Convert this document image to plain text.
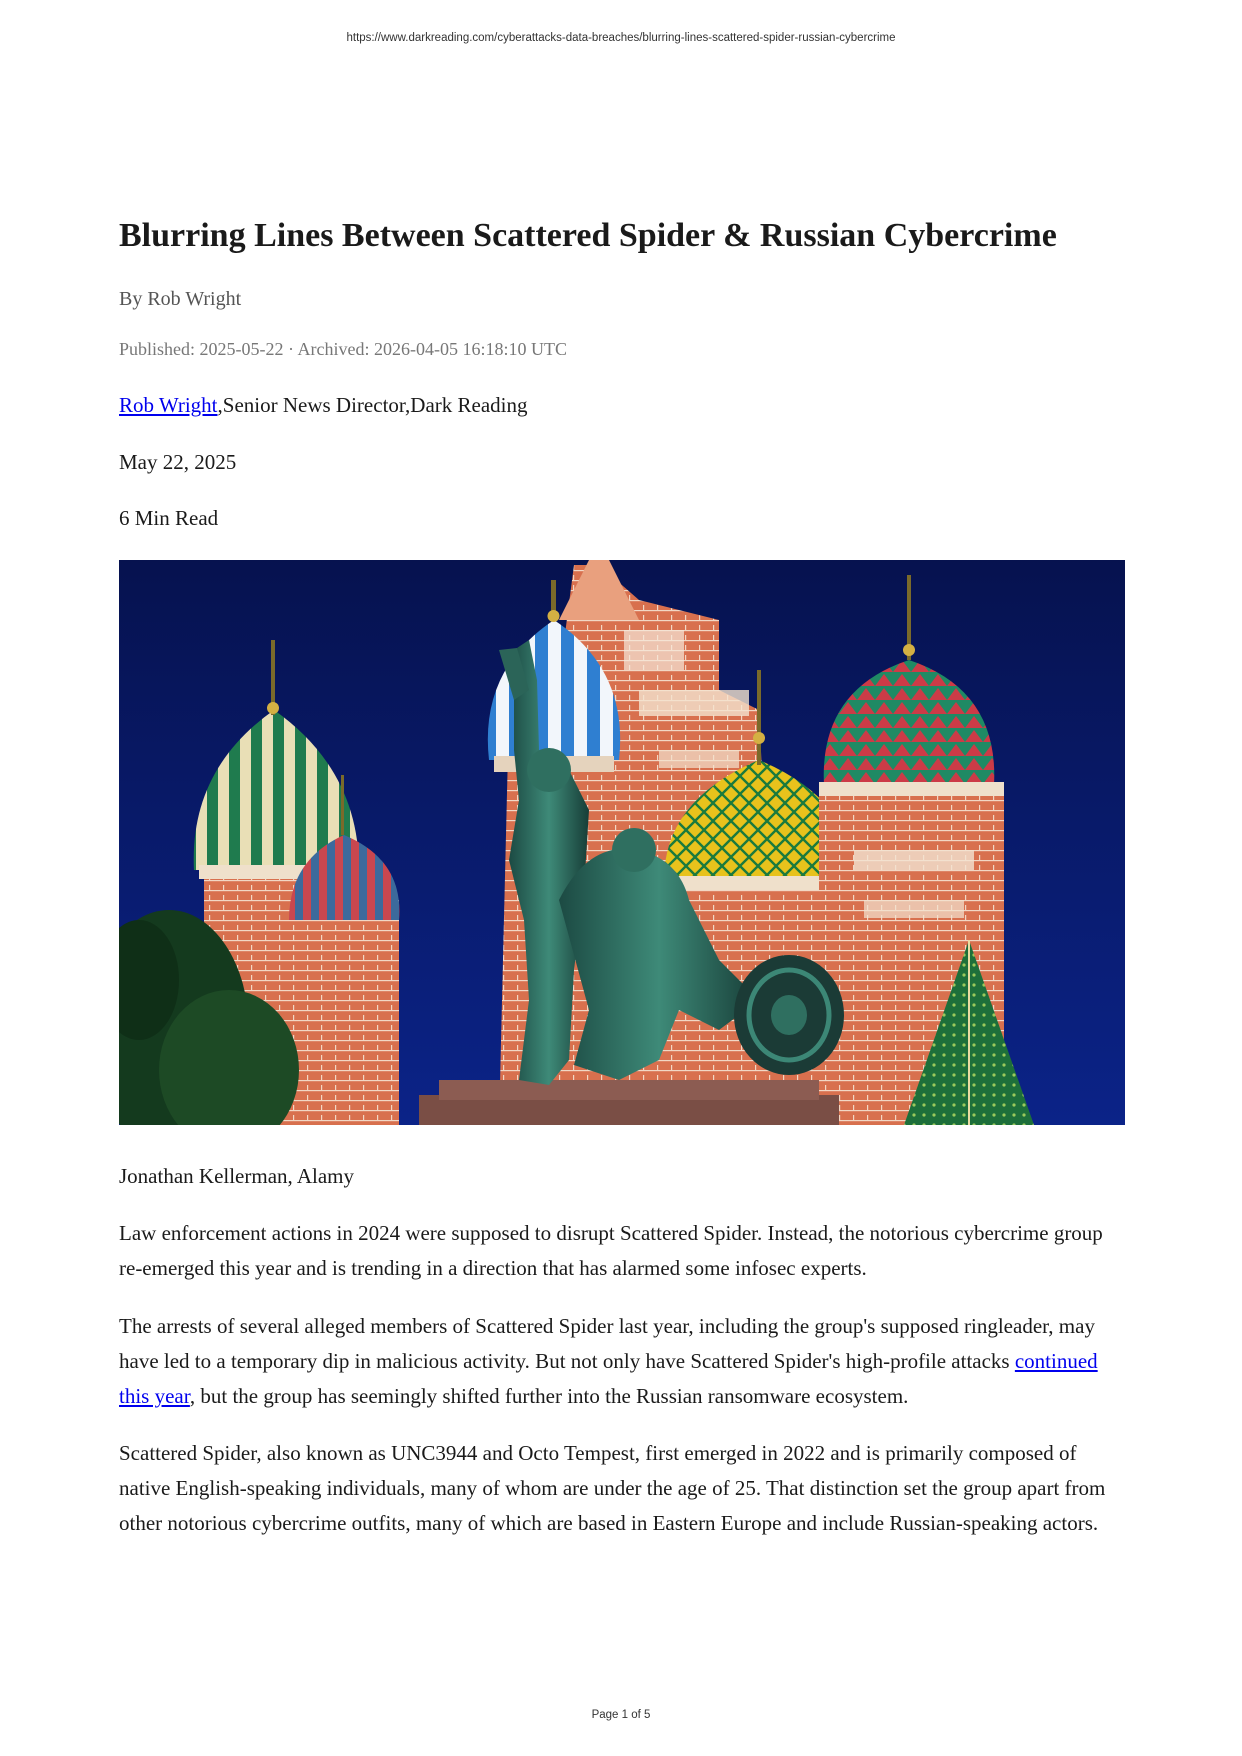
https://www.darkreading.com/cyberattacks-data-breaches/blurring-lines-scattered-spider-russian-cybercrime
Blurring Lines Between Scattered Spider & Russian Cybercrime
By Rob Wright
Published: 2025-05-22 · Archived: 2026-04-05 16:18:10 UTC
Rob Wright,Senior News Director,Dark Reading
May 22, 2025
6 Min Read
Jonathan Kellerman, Alamy

Law enforcement actions in 2024 were supposed to disrupt Scattered Spider. Instead, the notorious cybercrime group re-emerged this year and is trending in a direction that has alarmed some infosec experts.

The arrests of several alleged members of Scattered Spider last year, including the group's supposed ringleader, may have led to a temporary dip in malicious activity. But not only have Scattered Spider's high-profile attacks continued this year, but the group has seemingly shifted further into the Russian ransomware ecosystem.

Scattered Spider, also known as UNC3944 and Octo Tempest, first emerged in 2022 and is primarily composed of native English-speaking individuals, many of whom are under the age of 25. That distinction set the group apart from other notorious cybercrime outfits, many of which are based in Eastern Europe and include Russian-speaking actors.

Page 1 of 5
